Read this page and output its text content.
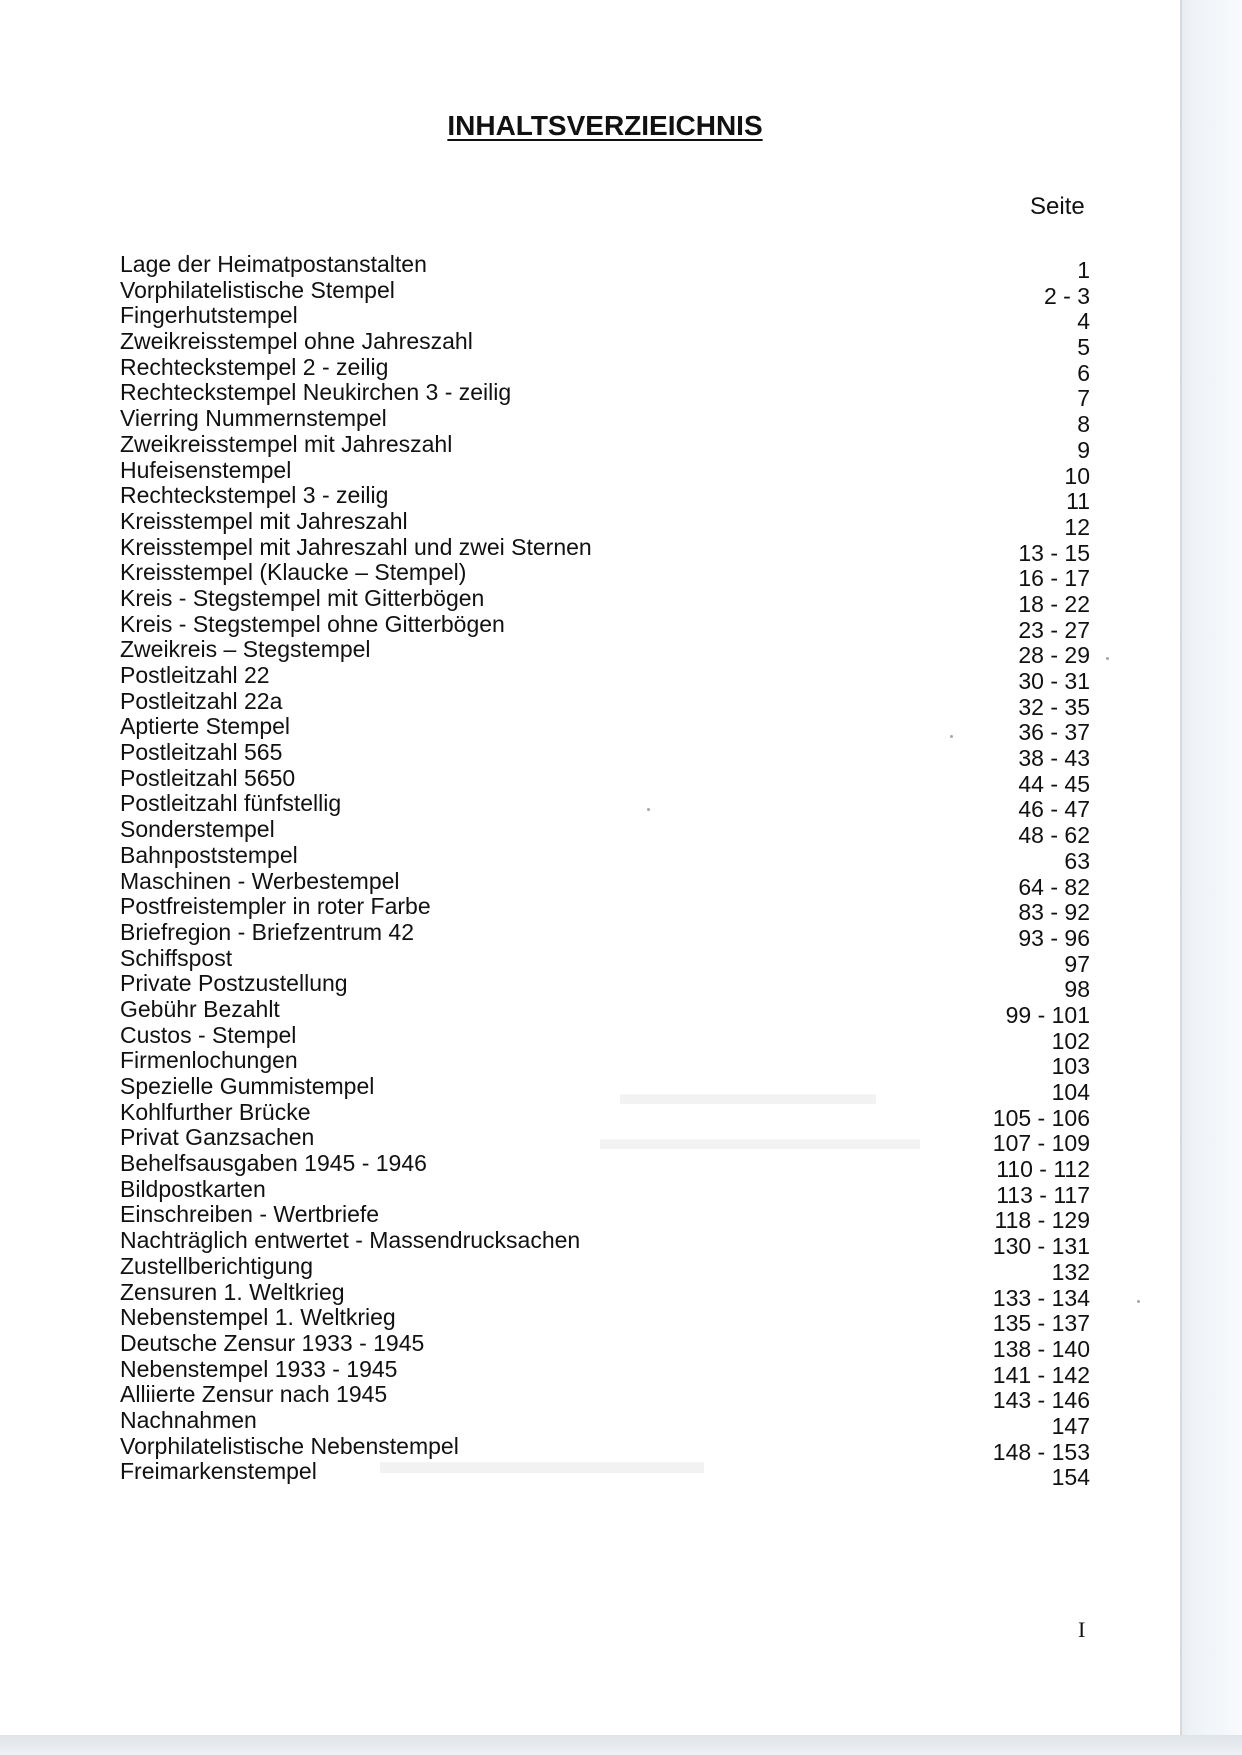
▬▬▬▬▬▬▬▬
▬▬▬▬▬▬▬▬▬▬
▬▬▬▬▬▬▬▬▬
INHALTSVERZIEICHNIS
Seite
Lage der Heimatpostanstalten	1
Vorphilatelistische Stempel	2 - 3
Fingerhutstempel	4
Zweikreisstempel ohne Jahreszahl	5
Rechteckstempel 2 - zeilig	6
Rechteckstempel Neukirchen 3 - zeilig	7
Vierring Nummernstempel	8
Zweikreisstempel mit Jahreszahl	9
Hufeisenstempel	10
Rechteckstempel 3 - zeilig	11
Kreisstempel mit Jahreszahl	12
Kreisstempel mit Jahreszahl und zwei Sternen	13 - 15
Kreisstempel (Klaucke – Stempel)	16 - 17
Kreis - Stegstempel mit Gitterbögen	18 - 22
Kreis - Stegstempel ohne Gitterbögen	23 - 27
Zweikreis – Stegstempel	28 - 29
Postleitzahl 22	30 - 31
Postleitzahl 22a	32 - 35
Aptierte Stempel	36 - 37
Postleitzahl 565	38 - 43
Postleitzahl 5650	44 - 45
Postleitzahl fünfstellig	46 - 47
Sonderstempel	48 - 62
Bahnpoststempel	63
Maschinen - Werbestempel	64 - 82
Postfreistempler in roter Farbe	83 - 92
Briefregion - Briefzentrum 42	93 - 96
Schiffspost	97
Private Postzustellung	98
Gebühr Bezahlt	99 - 101
Custos - Stempel	102
Firmenlochungen	103
Spezielle Gummistempel	104
Kohlfurther Brücke	105 - 106
Privat Ganzsachen	107 - 109
Behelfsausgaben 1945 - 1946	110 - 112
Bildpostkarten	113 - 117
Einschreiben - Wertbriefe	118 - 129
Nachträglich entwertet - Massendrucksachen	130 - 131
Zustellberichtigung	132
Zensuren 1. Weltkrieg	133 - 134
Nebenstempel 1. Weltkrieg	135 - 137
Deutsche Zensur 1933 - 1945	138 - 140
Nebenstempel 1933 - 1945	141 - 142
Alliierte Zensur nach 1945	143 - 146
Nachnahmen	147
Vorphilatelistische Nebenstempel	148 - 153
Freimarkenstempel	154
I
